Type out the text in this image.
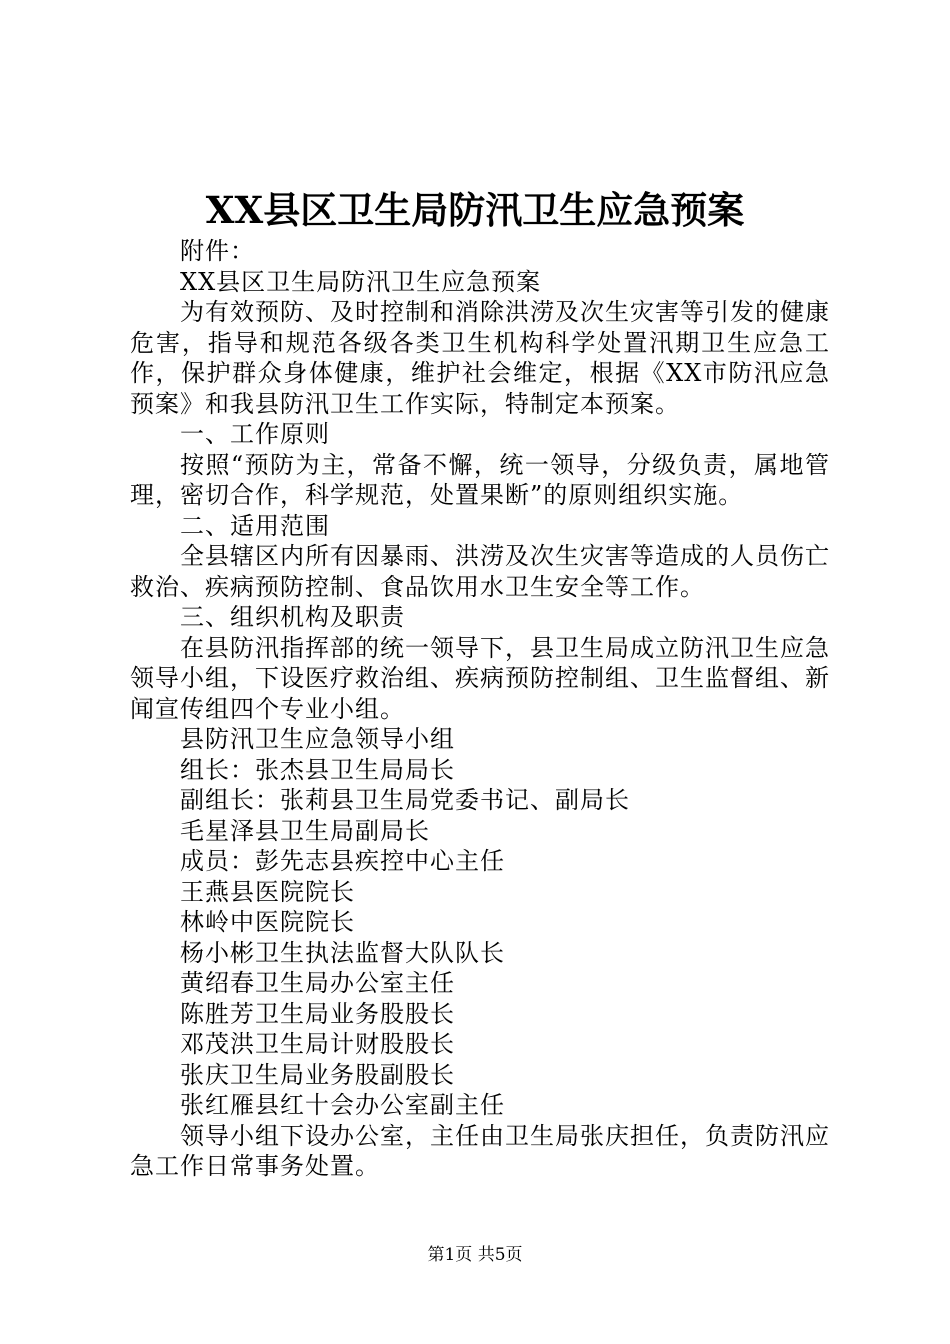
XX县区卫生局防汛卫生应急预案

附件：

XX县区卫生局防汛卫生应急预案

为有效预防、及时控制和消除洪涝及次生灾害等引发的健康危害，指导和规范各级各类卫生机构科学处置汛期卫生应急工作，保护群众身体健康，维护社会维定，根据《XX市防汛应急预案》和我县防汛卫生工作实际，特制定本预案。

一、工作原则

按照“预防为主，常备不懈，统一领导，分级负责，属地管理，密切合作，科学规范，处置果断”的原则组织实施。

二、适用范围

全县辖区内所有因暴雨、洪涝及次生灾害等造成的人员伤亡救治、疾病预防控制、食品饮用水卫生安全等工作。

三、组织机构及职责

在县防汛指挥部的统一领导下，县卫生局成立防汛卫生应急领导小组，下设医疗救治组、疾病预防控制组、卫生监督组、新闻宣传组四个专业小组。

县防汛卫生应急领导小组

组长：张杰县卫生局局长

副组长：张莉县卫生局党委书记、副局长

毛星泽县卫生局副局长

成员：彭先志县疾控中心主任

王燕县医院院长

林岭中医院院长

杨小彬卫生执法监督大队队长

黄绍春卫生局办公室主任

陈胜芳卫生局业务股股长

邓茂洪卫生局计财股股长

张庆卫生局业务股副股长

张红雁县红十会办公室副主任

领导小组下设办公室，主任由卫生局张庆担任，负责防汛应急工作日常事务处置。

第1页 共5页
